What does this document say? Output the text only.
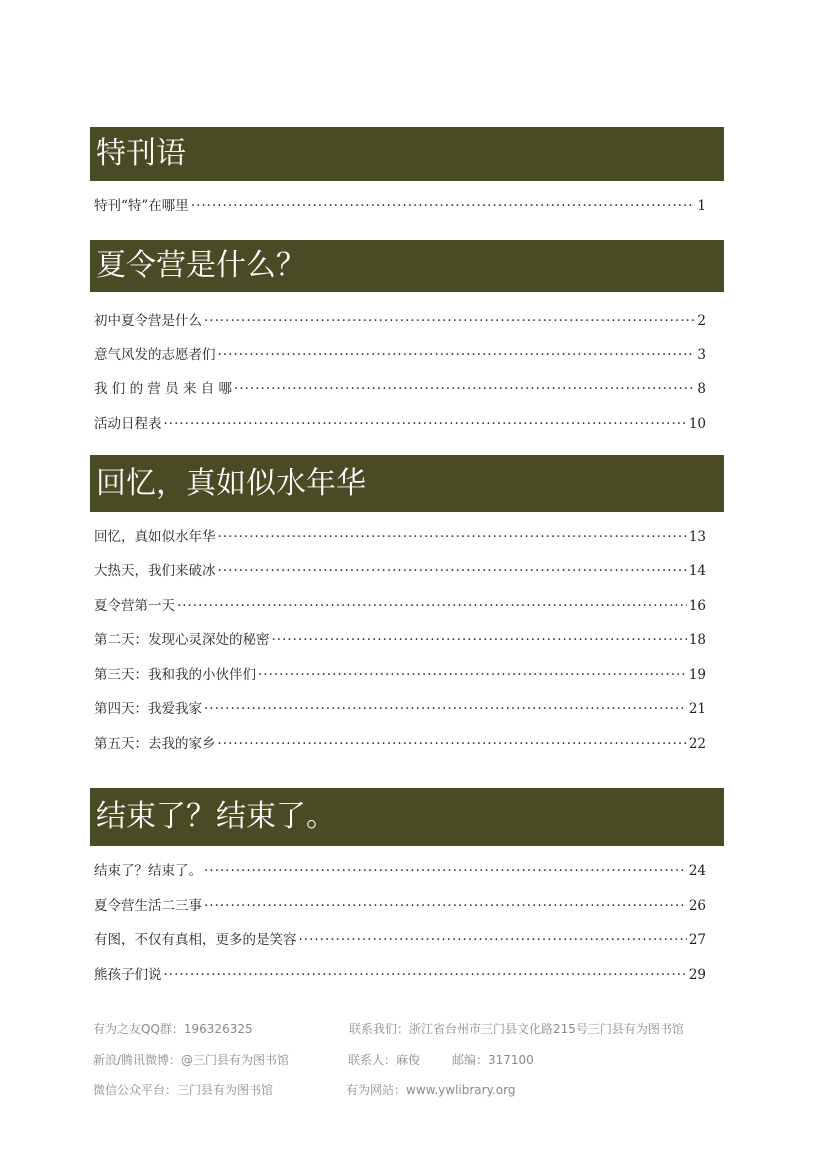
特刊语
特刊“特”在哪里 ·····	1
夏令营是什么？
初中夏令营是什么 ·····	2
意气风发的志愿者们 ·····	3
我 们 的 营 员 来 自 哪 ·····	8
活动日程表 ·····	10
回忆，真如似水年华
回忆，真如似水年华 ·····	13
大热天，我们来破冰 ·····	14
夏令营第一天 ·····	16
第二天：发现心灵深处的秘密 ·····	18
第三天：我和我的小伙伴们 ·····	19
第四天：我爱我家 ·····	21
第五天：去我的家乡 ·····	22
结束了？结束了。
结束了？结束了。 ·····	24
夏令营生活二三事 ·····	26
有图，不仅有真相，更多的是笑容 ·····	27
熊孩子们说 ·····	29
有为之友QQ群：196326325	联系我们：浙江省台州市三门县文化路215号三门县有为图书馆
新浪/腾讯微博：@三门县有为图书馆	联系人：麻俊	邮编：317100
微信公众平台：三门县有为图书馆	有为网站：www.ywlibrary.org
